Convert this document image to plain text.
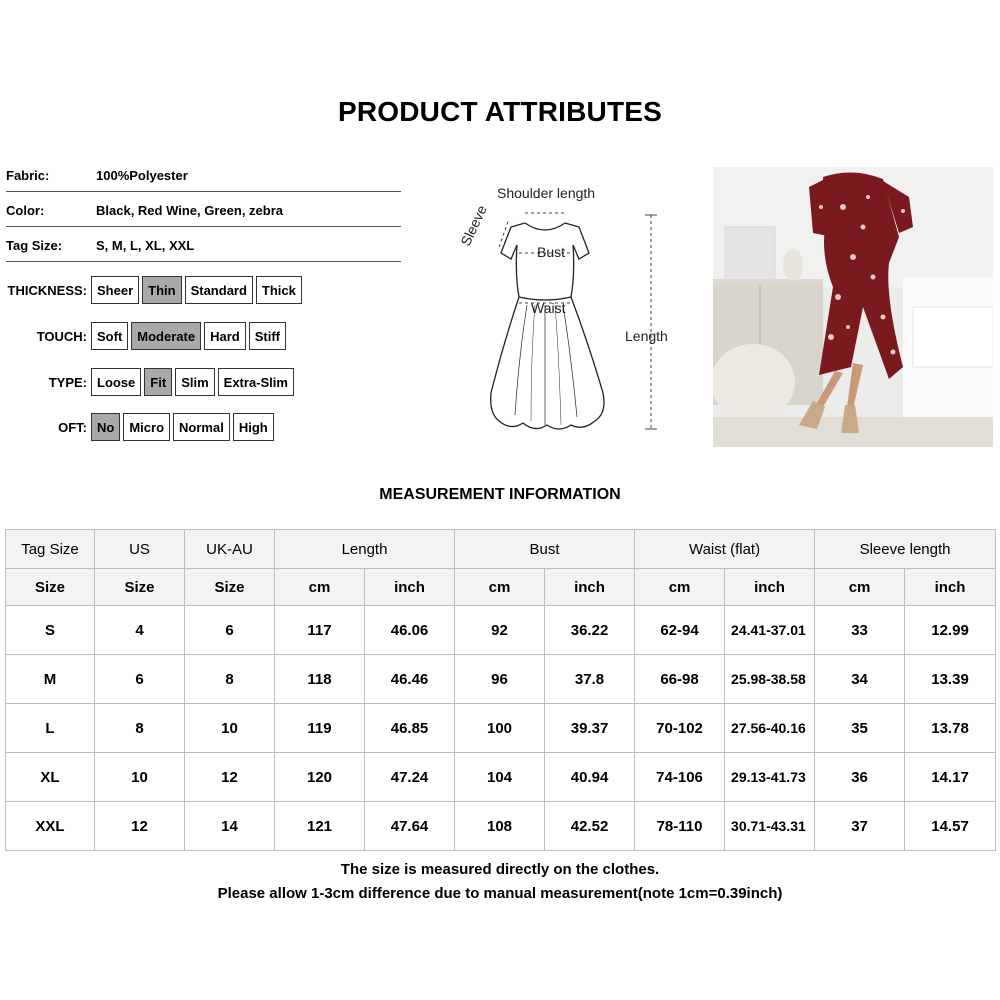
PRODUCT ATTRIBUTES
Fabric:	100%Polyester
Color:	Black, Red Wine, Green, zebra
Tag Size:	S, M, L, XL, XXL
THICKNESS: Sheer	Thin	Standard	Thick
TOUCH: Soft	Moderate	Hard	Stiff
TYPE: Loose	Fit	Slim	Extra-Slim
OFT: No	Micro	Normal	High
Shoulder length
Sleeve
Bust
Waist
Length
MEASUREMENT INFORMATION
Tag Size	US	UK-AU	Length		Bust		Waist (flat)		Sleeve length	
Size	Size	Size	cm	inch	cm	inch	cm	inch	cm	inch
S	4	6	117	46.06	92	36.22	62-94	24.41-37.01	33	12.99
M	6	8	118	46.46	96	37.8	66-98	25.98-38.58	34	13.39
L	8	10	119	46.85	100	39.37	70-102	27.56-40.16	35	13.78
XL	10	12	120	47.24	104	40.94	74-106	29.13-41.73	36	14.17
XXL	12	14	121	47.64	108	42.52	78-110	30.71-43.31	37	14.57
The size is measured directly on the clothes.
Please allow 1-3cm difference due to manual measurement(note 1cm=0.39inch)
